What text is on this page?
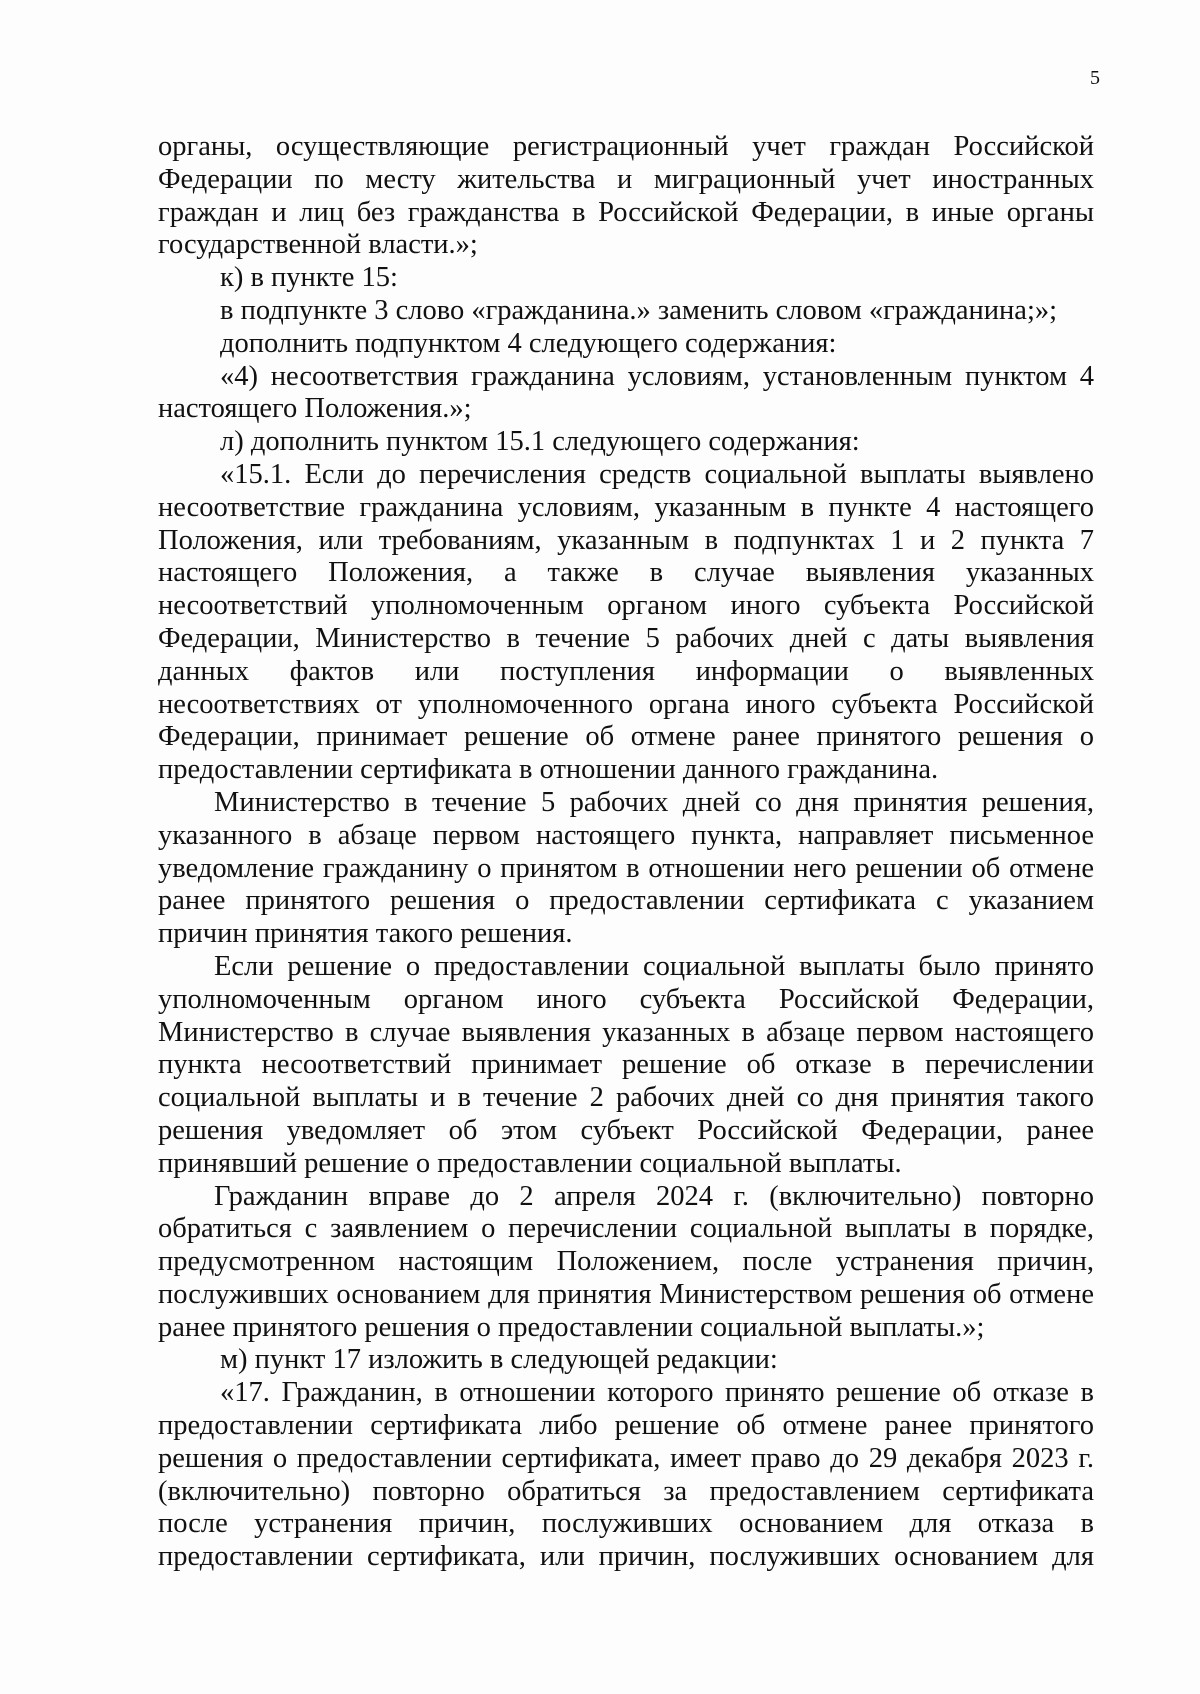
5
органы, осуществляющие регистрационный учет граждан Российской
Федерации по месту жительства и миграционный учет иностранных
граждан и лиц без гражданства в Российской Федерации, в иные органы
государственной власти.»;
к) в пункте 15:
в подпункте 3 слово «гражданина.» заменить словом «гражданина;»;
дополнить подпунктом 4 следующего содержания:
«4) несоответствия гражданина условиям, установленным пунктом 4
настоящего Положения.»;
л) дополнить пунктом 15.1 следующего содержания:
«15.1. Если до перечисления средств социальной выплаты выявлено
несоответствие гражданина условиям, указанным в пункте 4 настоящего
Положения, или требованиям, указанным в подпунктах 1 и 2 пункта 7
настоящего Положения, а также в случае выявления указанных
несоответствий уполномоченным органом иного субъекта Российской
Федерации, Министерство в течение 5 рабочих дней с даты выявления
данных фактов или поступления информации о выявленных
несоответствиях от уполномоченного органа иного субъекта Российской
Федерации, принимает решение об отмене ранее принятого решения о
предоставлении сертификата в отношении данного гражданина.
Министерство в течение 5 рабочих дней со дня принятия решения,
указанного в абзаце первом настоящего пункта, направляет письменное
уведомление гражданину о принятом в отношении него решении об отмене
ранее принятого решения о предоставлении сертификата с указанием
причин принятия такого решения.
Если решение о предоставлении социальной выплаты было принято
уполномоченным органом иного субъекта Российской Федерации,
Министерство в случае выявления указанных в абзаце первом настоящего
пункта несоответствий принимает решение об отказе в перечислении
социальной выплаты и в течение 2 рабочих дней со дня принятия такого
решения уведомляет об этом субъект Российской Федерации, ранее
принявший решение о предоставлении социальной выплаты.
Гражданин вправе до 2 апреля 2024 г. (включительно) повторно
обратиться с заявлением о перечислении социальной выплаты в порядке,
предусмотренном настоящим Положением, после устранения причин,
послуживших основанием для принятия Министерством решения об отмене
ранее принятого решения о предоставлении социальной выплаты.»;
м) пункт 17 изложить в следующей редакции:
«17. Гражданин, в отношении которого принято решение об отказе в
предоставлении сертификата либо решение об отмене ранее принятого
решения о предоставлении сертификата, имеет право до 29 декабря 2023 г.
(включительно) повторно обратиться за предоставлением сертификата
после устранения причин, послуживших основанием для отказа в
предоставлении сертификата, или причин, послуживших основанием для
